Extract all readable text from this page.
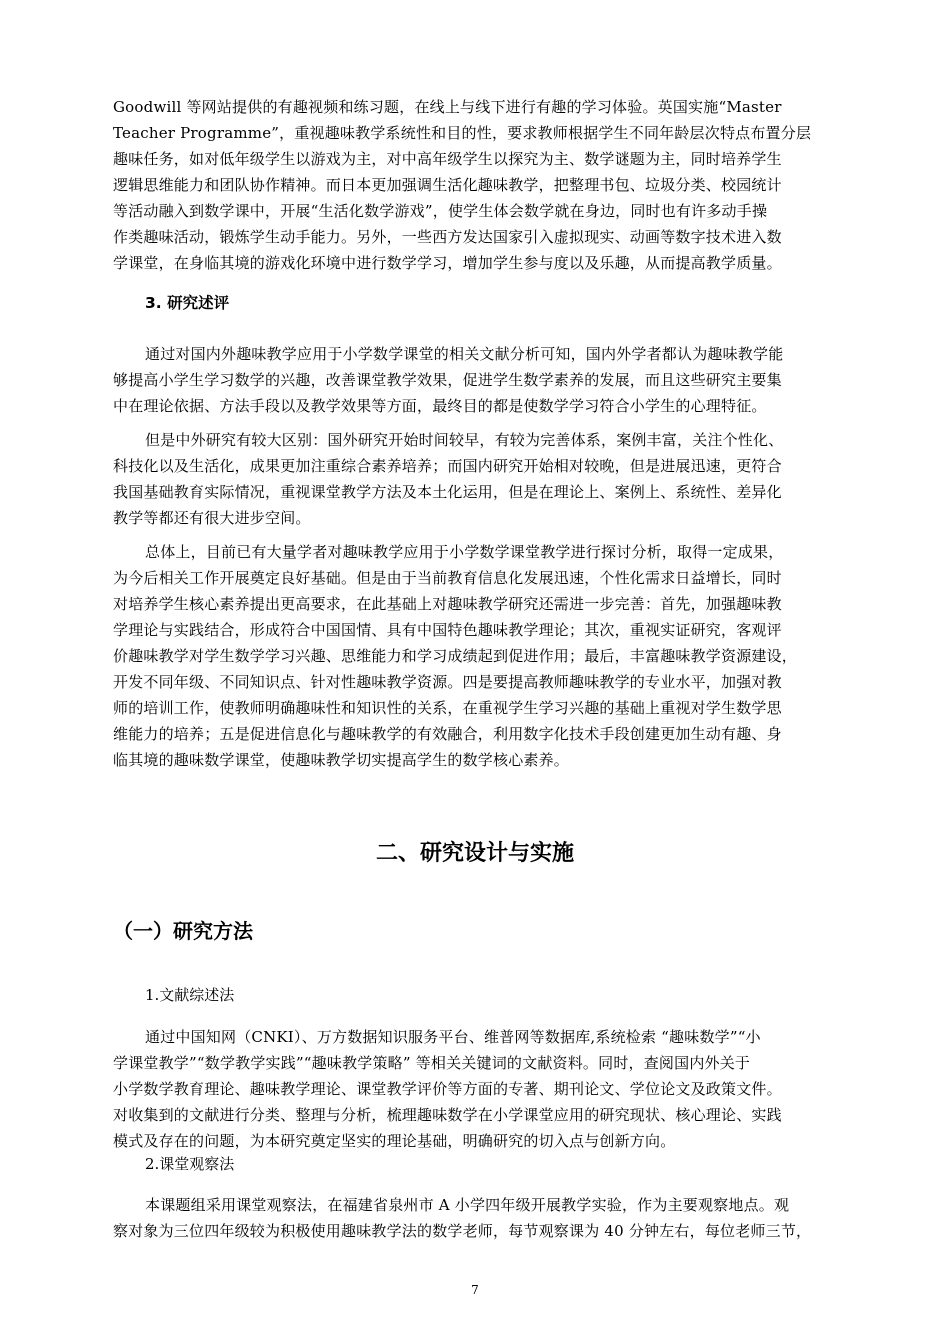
Goodwill 等网站提供的有趣视频和练习题，在线上与线下进行有趣的学习体验。英国实施“Master
Teacher Programme”，重视趣味教学系统性和目的性，要求教师根据学生不同年龄层次特点布置分层
趣味任务，如对低年级学生以游戏为主，对中高年级学生以探究为主、数学谜题为主，同时培养学生
逻辑思维能力和团队协作精神。而日本更加强调生活化趣味教学，把整理书包、垃圾分类、校园统计
等活动融入到数学课中，开展“生活化数学游戏”，使学生体会数学就在身边，同时也有许多动手操
作类趣味活动，锻炼学生动手能力。另外，一些西方发达国家引入虚拟现实、动画等数字技术进入数
学课堂，在身临其境的游戏化环境中进行数学学习，增加学生参与度以及乐趣，从而提高教学质量。
3. 研究述评
通过对国内外趣味教学应用于小学数学课堂的相关文献分析可知，国内外学者都认为趣味教学能
够提高小学生学习数学的兴趣，改善课堂教学效果，促进学生数学素养的发展，而且这些研究主要集
中在理论依据、方法手段以及教学效果等方面，最终目的都是使数学学习符合小学生的心理特征。
但是中外研究有较大区别：国外研究开始时间较早，有较为完善体系，案例丰富，关注个性化、
科技化以及生活化，成果更加注重综合素养培养；而国内研究开始相对较晚，但是进展迅速，更符合
我国基础教育实际情况，重视课堂教学方法及本土化运用，但是在理论上、案例上、系统性、差异化
教学等都还有很大进步空间。
总体上，目前已有大量学者对趣味教学应用于小学数学课堂教学进行探讨分析，取得一定成果，
为今后相关工作开展奠定良好基础。但是由于当前教育信息化发展迅速，个性化需求日益增长，同时
对培养学生核心素养提出更高要求，在此基础上对趣味教学研究还需进一步完善：首先，加强趣味教
学理论与实践结合，形成符合中国国情、具有中国特色趣味教学理论；其次，重视实证研究，客观评
价趣味教学对学生数学学习兴趣、思维能力和学习成绩起到促进作用；最后，丰富趣味教学资源建设，
开发不同年级、不同知识点、针对性趣味教学资源。四是要提高教师趣味教学的专业水平，加强对教
师的培训工作，使教师明确趣味性和知识性的关系，在重视学生学习兴趣的基础上重视对学生数学思
维能力的培养；五是促进信息化与趣味教学的有效融合，利用数字化技术手段创建更加生动有趣、身
临其境的趣味数学课堂，使趣味教学切实提高学生的数学核心素养。
二、研究设计与实施
（一）研究方法
1.文献综述法
通过中国知网（CNKI）、万方数据知识服务平台、维普网等数据库,系统检索 “趣味数学”“小
学课堂教学”“数学教学实践”“趣味教学策略” 等相关关键词的文献资料。同时，查阅国内外关于
小学数学教育理论、趣味教学理论、课堂教学评价等方面的专著、期刊论文、学位论文及政策文件。
对收集到的文献进行分类、整理与分析，梳理趣味数学在小学课堂应用的研究现状、核心理论、实践
模式及存在的问题，为本研究奠定坚实的理论基础，明确研究的切入点与创新方向。
2.课堂观察法
本课题组采用课堂观察法，在福建省泉州市 A 小学四年级开展教学实验，作为主要观察地点。观
察对象为三位四年级较为积极使用趣味教学法的数学老师，每节观察课为 40 分钟左右，每位老师三节，
7
